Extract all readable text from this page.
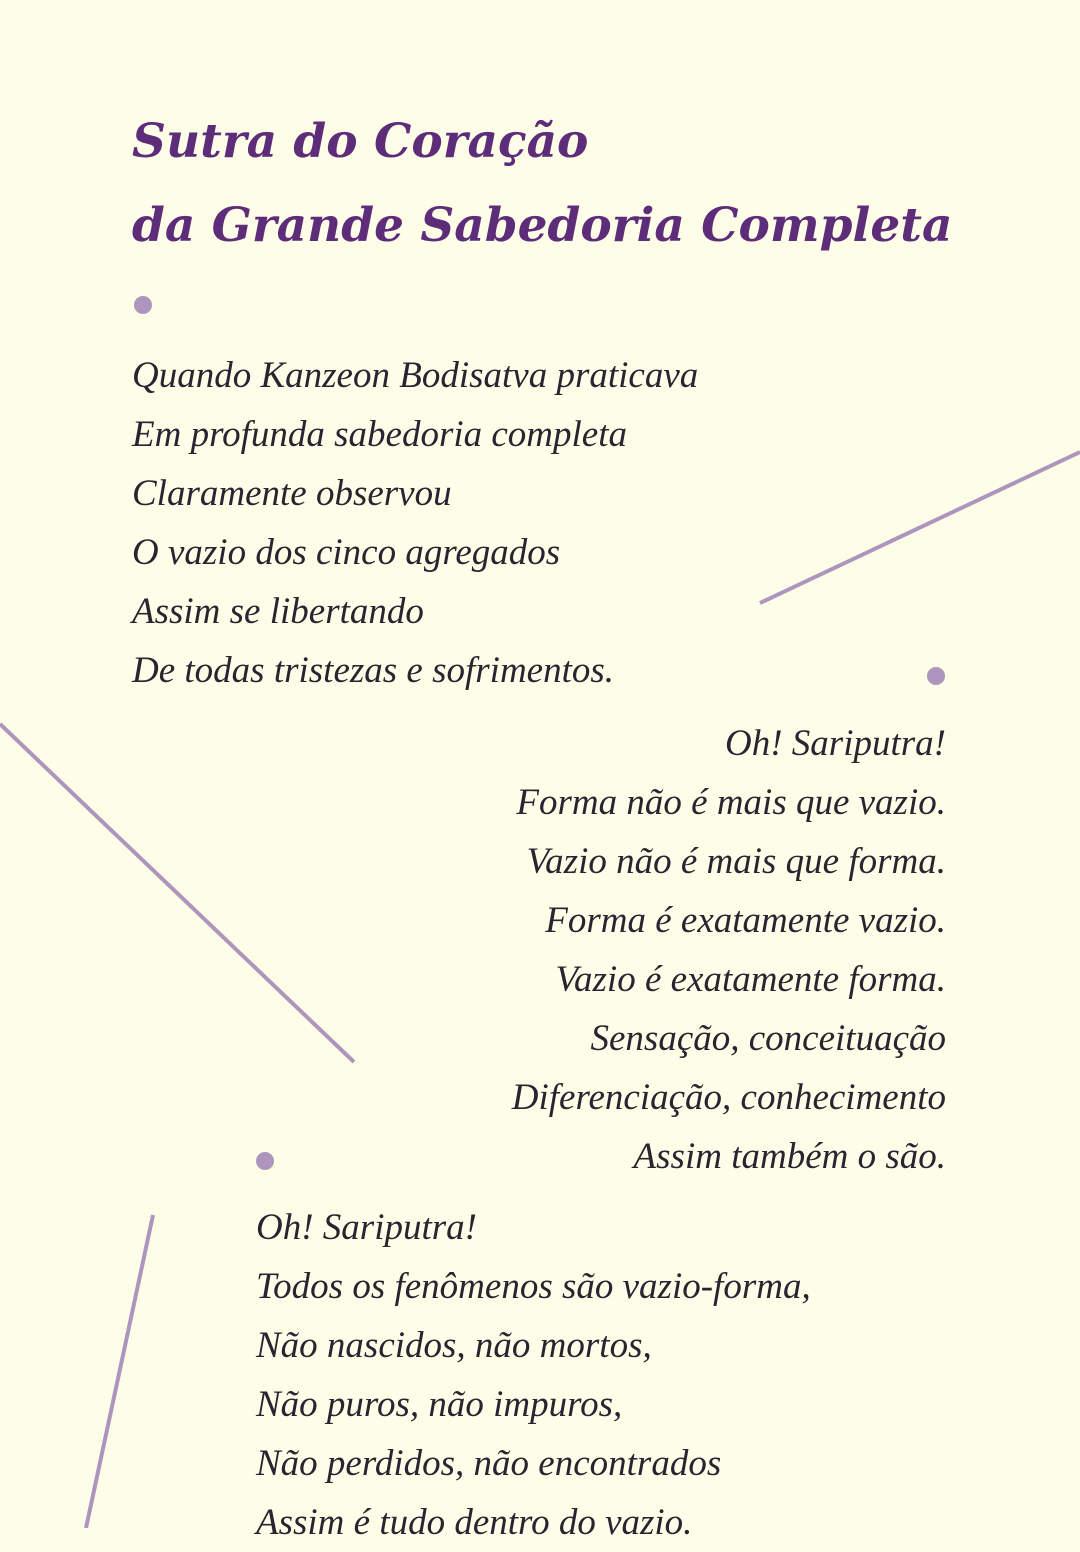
Sutra do Coração
da Grande Sabedoria Completa
Quando Kanzeon Bodisatva praticava
Em profunda sabedoria completa
Claramente observou
O vazio dos cinco agregados
Assim se libertando
De todas tristezas e sofrimentos.
Oh! Sariputra!
Forma não é mais que vazio.
Vazio não é mais que forma.
Forma é exatamente vazio.
Vazio é exatamente forma.
Sensação, conceituação
Diferenciação, conhecimento
Assim também o são.
Oh! Sariputra!
Todos os fenômenos são vazio-forma,
Não nascidos, não mortos,
Não puros, não impuros,
Não perdidos, não encontrados
Assim é tudo dentro do vazio.
